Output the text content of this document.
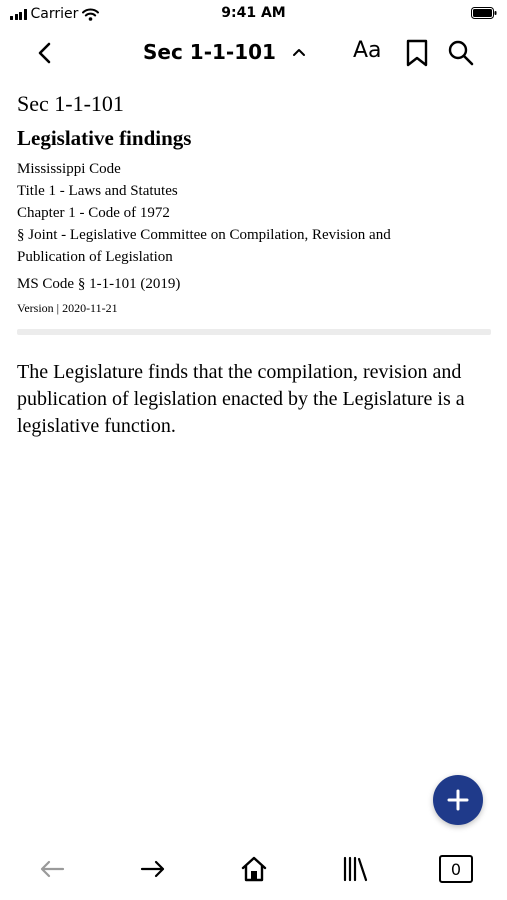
Carrier	9:41 AM
Sec 1-1-101	Aa
Sec 1-1-101
Legislative findings
Mississippi Code
Title 1 - Laws and Statutes
Chapter 1 - Code of 1972
§ Joint - Legislative Committee on Compilation, Revision and
Publication of Legislation
MS Code § 1-1-101 (2019)
Version | 2020-11-21

The Legislature finds that the compilation, revision and publication of legislation enacted by the Legislature is a legislative function.

0
